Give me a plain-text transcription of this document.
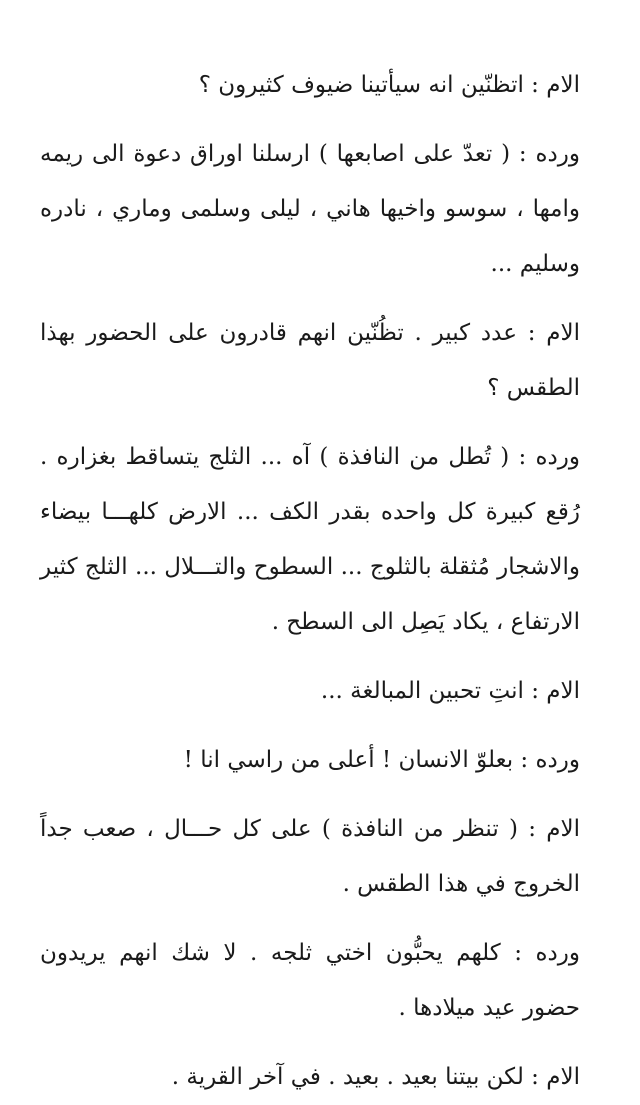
الام : اتظنّين انه سيأتينا ضيوف كثيرون ؟

ورده : ( تعدّ على اصابعها ) ارسلنا اوراق دعوة الى ريمه وامها ، سوسو واخيها هاني ، ليلى وسلمى وماري ، نادره وسليم ...

الام : عدد كبير . تظُنّين انهم قادرون على الحضور بهذا الطقس ؟

ورده : ( تُطل من النافذة ) آه ... الثلج يتساقط بغزاره . رُقع كبيرة كل واحده بقدر الكف ... الارض كلهـــا بيضاء والاشجار مُثقلة بالثلوج ... السطوح والتـــلال ... الثلج كثير الارتفاع ، يكاد يَصِل الى السطح .

الام : انتِ تحبين المبالغة ...

ورده : بعلوّ الانسان ! أعلى من راسي انا !

الام : ( تنظر من النافذة ) على كل حـــال ، صعب جداً الخروج في هذا الطقس .

ورده : كلهم يحبُّون اختي ثلجه . لا شك انهم يريدون حضور عيد ميلادها .

الام : لكن بيتنا بعيد . بعيد . في آخر القرية .
